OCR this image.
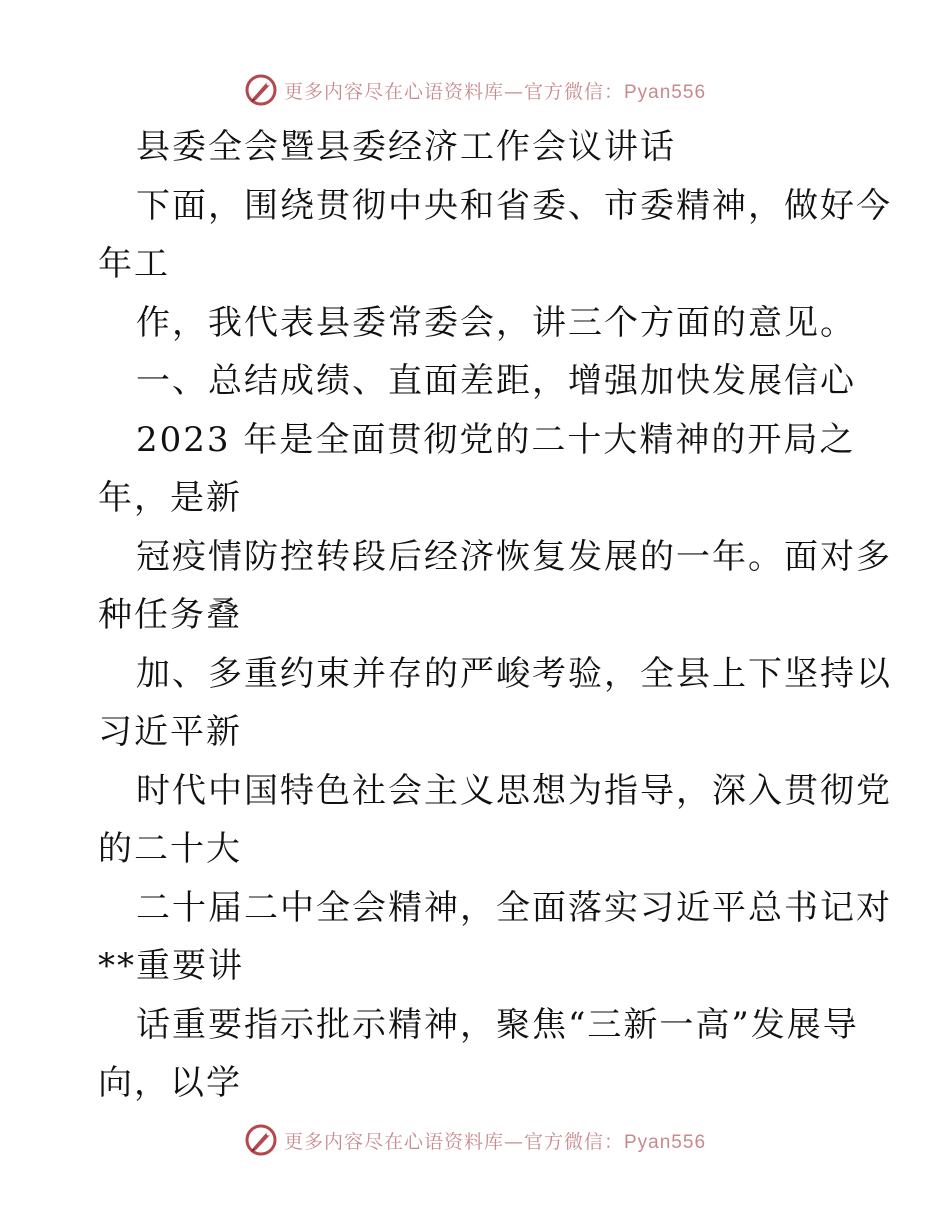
更多内容尽在心语资料库—官方微信：Pyan556
县委全会暨县委经济工作会议讲话
下面，围绕贯彻中央和省委、市委精神，做好今
年工
作，我代表县委常委会，讲三个方面的意见。
一、总结成绩、直面差距，增强加快发展信心
2023 年是全面贯彻党的二十大精神的开局之
年，是新
冠疫情防控转段后经济恢复发展的一年。面对多
种任务叠
加、多重约束并存的严峻考验，全县上下坚持以
习近平新
时代中国特色社会主义思想为指导，深入贯彻党
的二十大
二十届二中全会精神，全面落实习近平总书记对
**重要讲
话重要指示批示精神，聚焦“三新一高”发展导
向，以学
更多内容尽在心语资料库—官方微信：Pyan556
